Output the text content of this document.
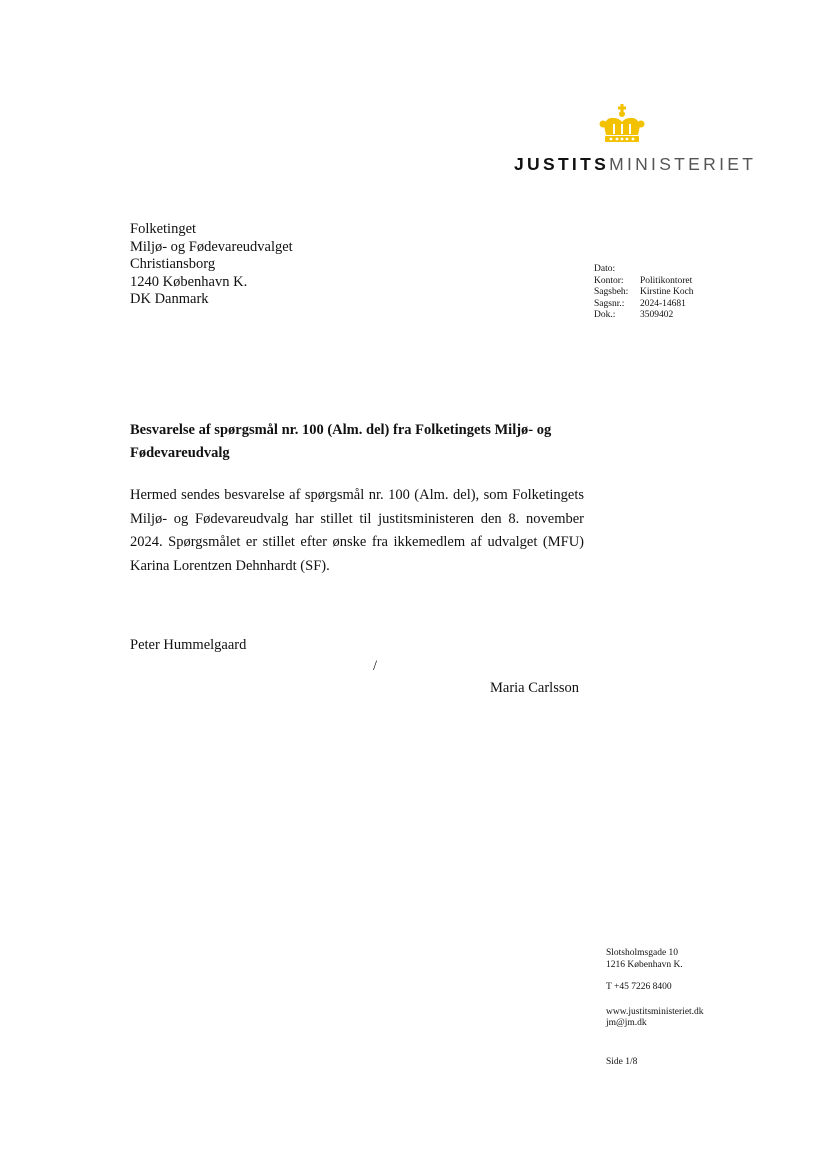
JUSTITSMINISTERIET
Folketinget
Miljø- og Fødevareudvalget
Christiansborg
1240 København K.
DK Danmark
Dato:	
Kontor:	Politikontoret
Sagsbeh:	Kirstine Koch
Sagsnr.:	2024-14681
Dok.:	3509402
Besvarelse af spørgsmål nr. 100 (Alm. del) fra Folketingets Miljø- og Fødevareudvalg
Hermed sendes besvarelse af spørgsmål nr. 100 (Alm. del), som Folketingets Miljø- og Fødevareudvalg har stillet til justitsministeren den 8. november 2024. Spørgsmålet er stillet efter ønske fra ikkemedlem af udvalget (MFU) Karina Lorentzen Dehnhardt (SF).
Peter Hummelgaard
/
Maria Carlsson
Slotsholmsgade 10
1216 København K.
T +45 7226 8400
www.justitsministeriet.dk
jm@jm.dk
Side 1/8
